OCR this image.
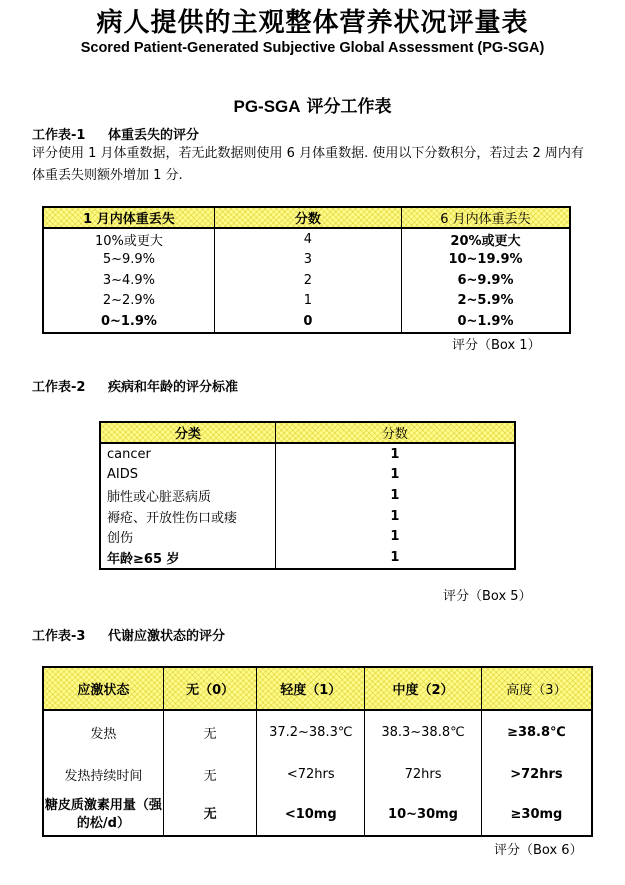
病人提供的主观整体营养状况评量表
Scored Patient-Generated Subjective Global Assessment (PG-SGA)
PG-SGA 评分工作表
工作表-1 体重丢失的评分
评分使用 1 月体重数据，若无此数据则使用 6 月体重数据. 使用以下分数积分，若过去 2 周内有体重丢失则额外增加 1 分.
1 月内体重丢失	分数	6 月内体重丢失
10%或更大	4	20%或更大
5~9.9%	3	10~19.9%
3~4.9%	2	6~9.9%
2~2.9%	1	2~5.9%
0~1.9%	0	0~1.9%
评分（Box 1）
工作表-2 疾病和年龄的评分标准
分类	分数
cancer	1
AIDS	1
肺性或心脏恶病质	1
褥疮、开放性伤口或瘘	1
创伤	1
年龄≥65 岁	1
评分（Box 5）
工作表-3 代谢应激状态的评分
应激状态	无（0）	轻度（1）	中度（2）	高度（3）
发热	无	37.2~38.3℃	38.3~38.8℃	≥38.8℃
发热持续时间	无	<72hrs	72hrs	>72hrs
糖皮质激素用量（强的松/d）	无	<10mg	10~30mg	≥30mg
评分（Box 6）
